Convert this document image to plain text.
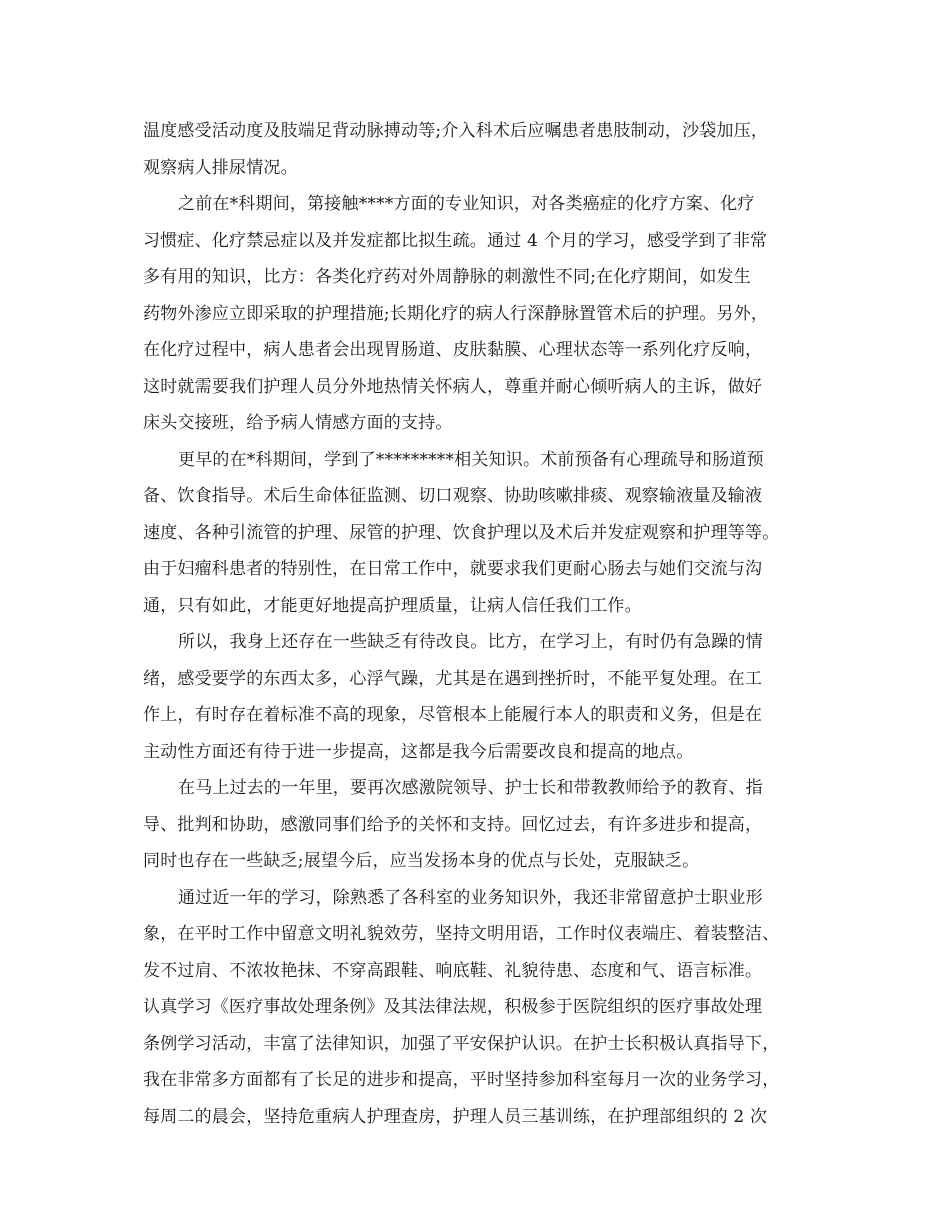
温度感受活动度及肢端足背动脉搏动等;介入科术后应嘱患者患肢制动，沙袋加压，
观察病人排尿情况。
之前在*科期间，第接触****方面的专业知识，对各类癌症的化疗方案、化疗
习惯症、化疗禁忌症以及并发症都比拟生疏。通过 4 个月的学习，感受学到了非常
多有用的知识，比方：各类化疗药对外周静脉的刺激性不同;在化疗期间，如发生
药物外渗应立即采取的护理措施;长期化疗的病人行深静脉置管术后的护理。另外，
在化疗过程中，病人患者会出现胃肠道、皮肤黏膜、心理状态等一系列化疗反响，
这时就需要我们护理人员分外地热情关怀病人，尊重并耐心倾听病人的主诉，做好
床头交接班，给予病人情感方面的支持。
更早的在*科期间，学到了*********相关知识。术前预备有心理疏导和肠道预
备、饮食指导。术后生命体征监测、切口观察、协助咳嗽排痰、观察输液量及输液
速度、各种引流管的护理、尿管的护理、饮食护理以及术后并发症观察和护理等等。
由于妇瘤科患者的特别性，在日常工作中，就要求我们更耐心肠去与她们交流与沟
通，只有如此，才能更好地提高护理质量，让病人信任我们工作。
所以，我身上还存在一些缺乏有待改良。比方，在学习上，有时仍有急躁的情
绪，感受要学的东西太多，心浮气躁，尤其是在遇到挫折时，不能平复处理。在工
作上，有时存在着标准不高的现象，尽管根本上能履行本人的职责和义务，但是在
主动性方面还有待于进一步提高，这都是我今后需要改良和提高的地点。
在马上过去的一年里，要再次感激院领导、护士长和带教教师给予的教育、指
导、批判和协助，感激同事们给予的关怀和支持。回忆过去，有许多进步和提高，
同时也存在一些缺乏;展望今后，应当发扬本身的优点与长处，克服缺乏。
通过近一年的学习，除熟悉了各科室的业务知识外，我还非常留意护士职业形
象，在平时工作中留意文明礼貌效劳，坚持文明用语，工作时仪表端庄、着装整洁、
发不过肩、不浓妆艳抹、不穿高跟鞋、响底鞋、礼貌待患、态度和气、语言标准。
认真学习《医疗事故处理条例》及其法律法规，积极参于医院组织的医疗事故处理
条例学习活动，丰富了法律知识，加强了平安保护认识。在护士长积极认真指导下，
我在非常多方面都有了长足的进步和提高，平时坚持参加科室每月一次的业务学习，
每周二的晨会，坚持危重病人护理查房，护理人员三基训练，在护理部组织的 2 次
